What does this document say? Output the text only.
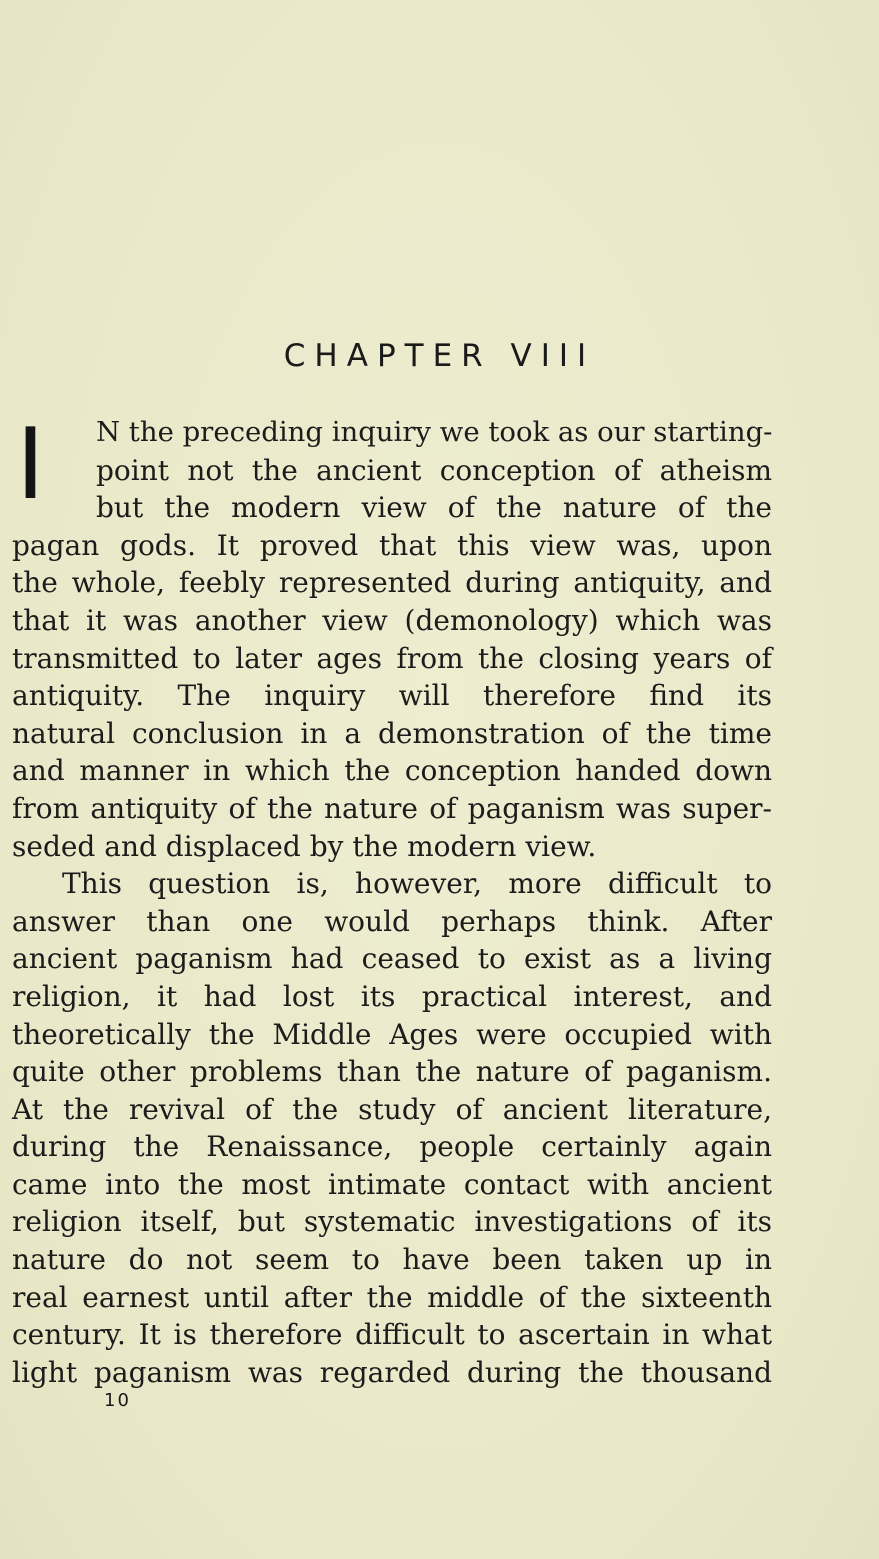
CHAPTER VIII
I	N the preceding inquiry we took as our starting-
point not the ancient conception of atheism
but the modern view of the nature of the
pagan gods. It proved that this view was, upon
the whole, feebly represented during antiquity, and
that it was another view (demonology) which was
transmitted to later ages from the closing years of
antiquity. The inquiry will therefore find its
natural conclusion in a demonstration of the time
and manner in which the conception handed down
from antiquity of the nature of paganism was super-
seded and displaced by the modern view.
This question is, however, more difficult to
answer than one would perhaps think. After
ancient paganism had ceased to exist as a living
religion, it had lost its practical interest, and
theoretically the Middle Ages were occupied with
quite other problems than the nature of paganism.
At the revival of the study of ancient literature,
during the Renaissance, people certainly again
came into the most intimate contact with ancient
religion itself, but systematic investigations of its
nature do not seem to have been taken up in
real earnest until after the middle of the sixteenth
century. It is therefore difficult to ascertain in what
light paganism was regarded during the thousand
10
